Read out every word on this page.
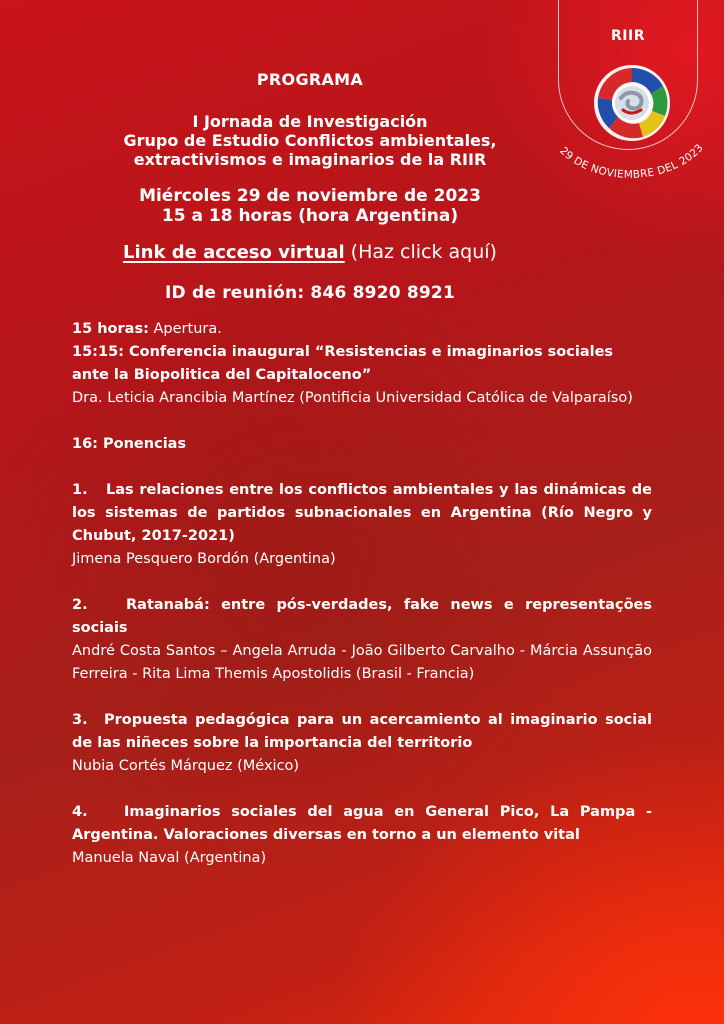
RIIR
29 DE NOVIEMBRE DEL 2023
PROGRAMA
I Jornada de Investigación
Grupo de Estudio Conflictos ambientales,
extractivismos e imaginarios de la RIIR
Miércoles 29 de noviembre de 2023
15 a 18 horas (hora Argentina)
Link de acceso virtual (Haz click aquí)
ID de reunión: 846 8920 8921

15 horas: Apertura.

15:15: Conferencia inaugural “Resistencias e imaginarios sociales ante la Biopolitica del Capitaloceno”

Dra. Leticia Arancibia Martínez (Pontificia Universidad Católica de Valparaíso)

16: Ponencias

1. Las relaciones entre los conflictos ambientales y las dinámicas de los sistemas de partidos subnacionales en Argentina (Río Negro y Chubut, 2017-2021)

Jimena Pesquero Bordón (Argentina)

2.	Ratanabá: entre pós-verdades, fake news e representações sociais

André Costa Santos – Angela Arruda - João Gilberto Carvalho - Márcia Assunção Ferreira - Rita Lima Themis Apostolidis (Brasil - Francia)

3. Propuesta pedagógica para un acercamiento al imaginario social de las niñeces sobre la importancia del territorio

Nubia Cortés Márquez (México)

4.	Imaginarios sociales del agua en General Pico, La Pampa - Argentina. Valoraciones diversas en torno a un elemento vital

Manuela Naval (Argentina)
